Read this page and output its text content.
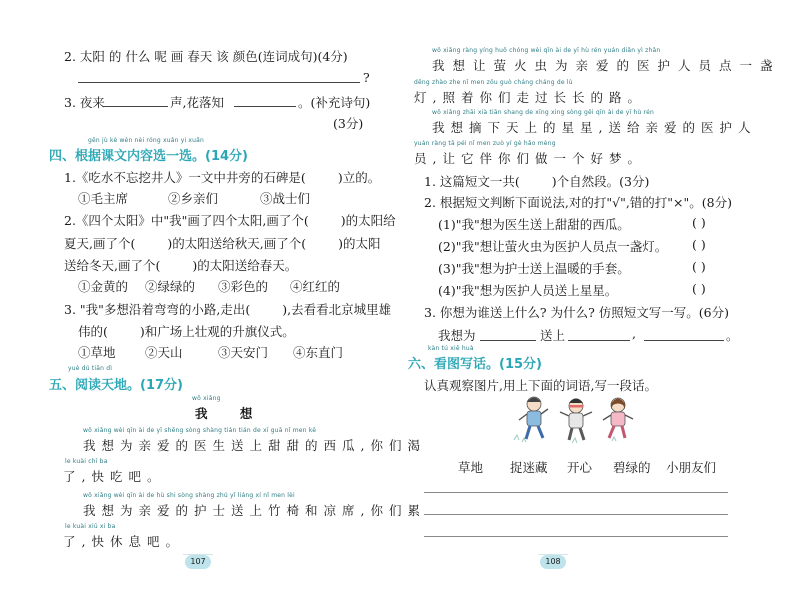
2. 太阳 的 什么 呢 画 春天 该 颜色(连词成句)(4分)
?
3. 夜来	声,花落知	。(补充诗句)
(3分)
gēn jù kè wén nèi róng xuǎn yi xuǎn
四、根据课文内容选一选。(14分)
1.《吃水不忘挖井人》一文中井旁的石碑是(	)立的。
①毛主席	②乡亲们	③战士们
2.《四个太阳》中"我"画了四个太阳,画了个(	)的太阳给
夏天,画了个(	)的太阳送给秋天,画了个(	)的太阳
送给冬天,画了个(	)的太阳送给春天。
①金黄的 ②绿绿的 ③彩色的 ④红红的
3. "我"多想沿着弯弯的小路,走出(	),去看看北京城里雄
伟的(	)和广场上壮观的升旗仪式。
①草地 ②天山	③天安门 ④东直门
yuè dú tiān dì
五、阅读天地。(17分)
wǒ xiǎng
我 想
wǒ xiǎng wèi qīn ài de yī shēng sòng shàng tián tián de xī guā nǐ men kě
我想为亲爱的医生送上甜甜的西瓜,你们渴
le kuài chī ba
了,快吃吧。
wǒ xiǎng wèi qīn ài de hù shi sòng shàng zhú yǐ liáng xí nǐ men lèi
我想为亲爱的护士送上竹椅和凉席,你们累
le kuài xiū xi ba
了,快休息吧。
107
wǒ xiǎng ràng yíng huǒ chóng wèi qīn ài de yī hù rén yuán diǎn yì zhǎn
我想让萤火虫为亲爱的医护人员点一盏
dēng zhào zhe nǐ men zǒu guò cháng cháng de lù
灯,照着你们走过长长的路。
wǒ xiǎng zhāi xià tiān shang de xīng xing sòng gěi qīn ài de yī hù rén
我想摘下天上的星星,送给亲爱的医护人
yuán ràng tā péi nǐ men zuò yí gè hǎo mèng
员,让它伴你们做一个好梦。
1. 这篇短文一共(	)个自然段。(3分)
2. 根据短文判断下面说法,对的打"√",错的打"×"。(8分)
(1)"我"想为医生送上甜甜的西瓜。	( )
(2)"我"想让萤火虫为医护人员点一盏灯。 ( )
(3)"我"想为护士送上温暖的手套。	( )
(4)"我"想为医护人员送上星星。	( )
3. 你想为谁送上什么? 为什么? 仿照短文写一写。(6分)
我想为	送上	,	。
kàn tú xiě huà
六、看图写话。(15分)
认真观察图片,用上下面的词语,写一段话。
草地 捉迷藏 开心 碧绿的 小朋友们
108
